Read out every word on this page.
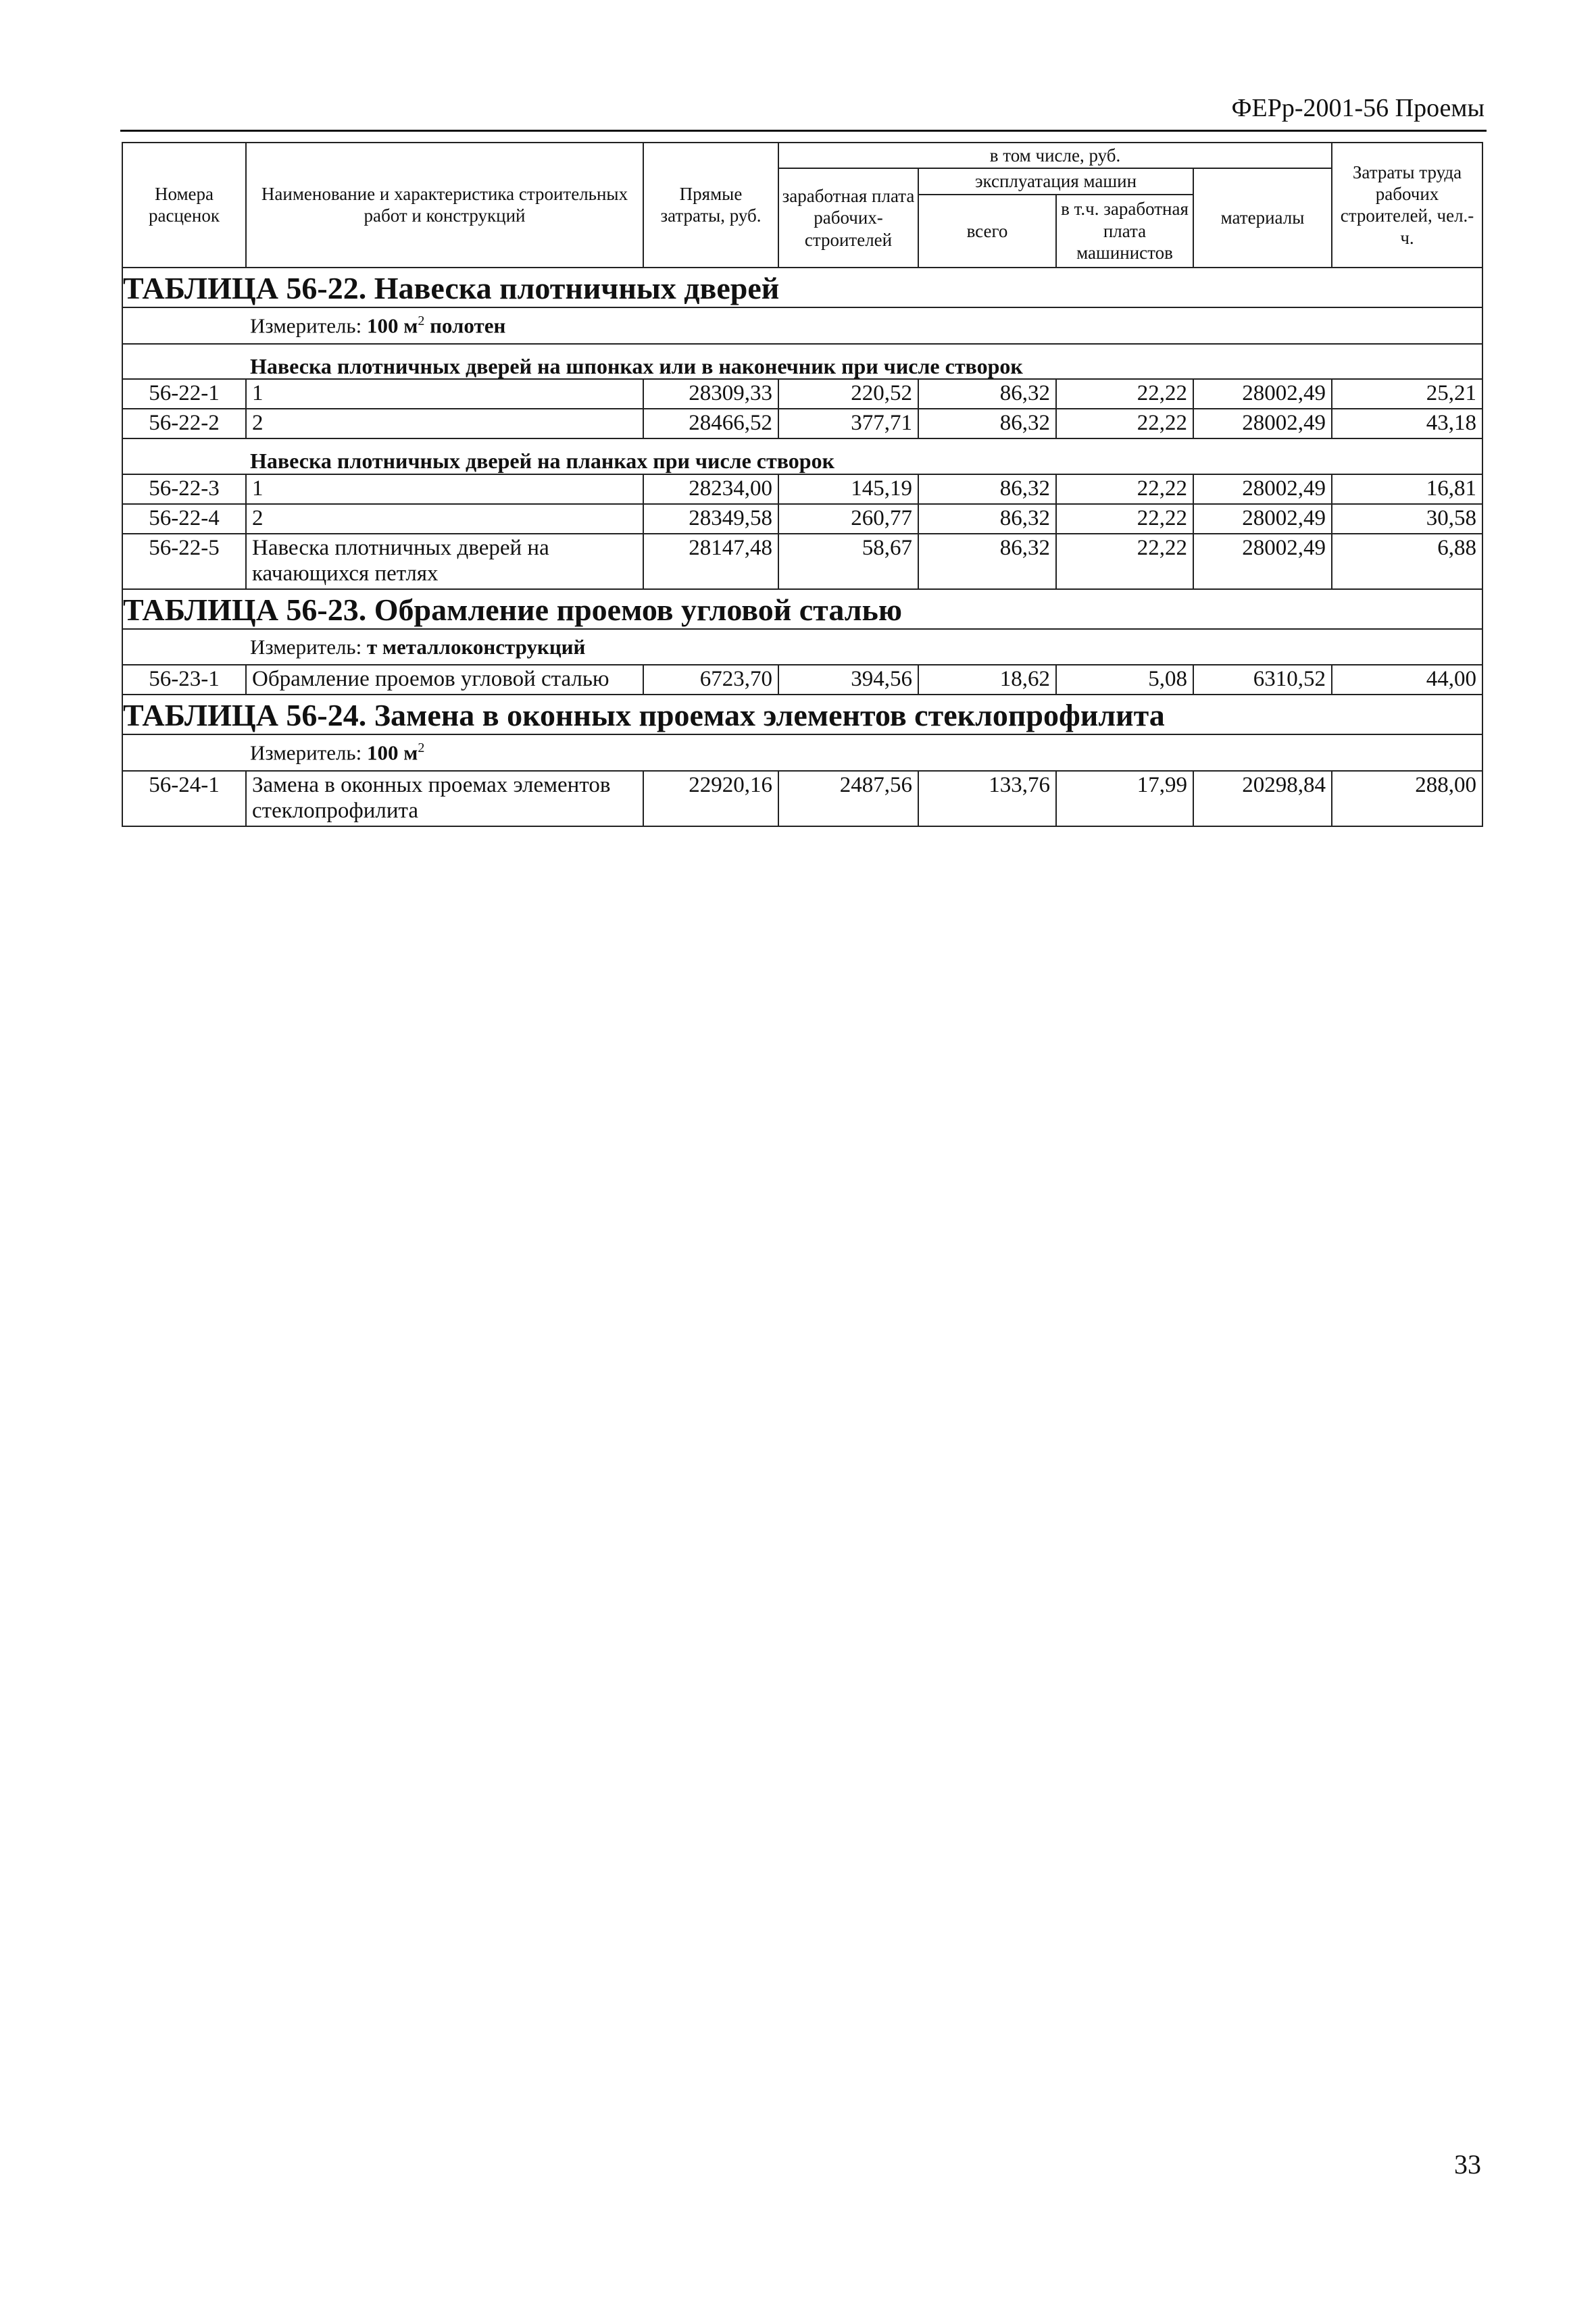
ФЕРр-2001-56 Проемы
Номера расценок	Наименование и характеристика строительных работ и конструкций	Прямые затраты, руб.	в том числе, руб.				Затраты труда рабочих строителей, чел.-ч.
			заработная плата рабочих-строителей	эксплуатация машин		материалы	
				всего	в т.ч. заработная плата машинистов		
ТАБЛИЦА 56-22. Навеска плотничных дверей							
Измеритель: 100 $м^2$ полотен							
Навеска плотничных дверей на шпонках или в наконечник при числе створок							
56-22-1	1	28309,33	220,52	86,32	22,22	28002,49	25,21
56-22-2	2	28466,52	377,71	86,32	22,22	28002,49	43,18
Навеска плотничных дверей на планках при числе створок							
56-22-3	1	28234,00	145,19	86,32	22,22	28002,49	16,81
56-22-4	2	28349,58	260,77	86,32	22,22	28002,49	30,58
56-22-5	Навеска плотничных дверей на качающихся петлях	28147,48	58,67	86,32	22,22	28002,49	6,88
ТАБЛИЦА 56-23. Обрамление проемов угловой сталью							
Измеритель: т металлоконструкций							
56-23-1	Обрамление проемов угловой сталью	6723,70	394,56	18,62	5,08	6310,52	44,00
ТАБЛИЦА 56-24. Замена в оконных проемах элементов стеклопрофилита							
Измеритель: 100 $м^2$
56-24-1	Замена в оконных проемах элементов стеклопрофилита	22920,16	2487,56	133,76	17,99	20298,84	288,00
33
